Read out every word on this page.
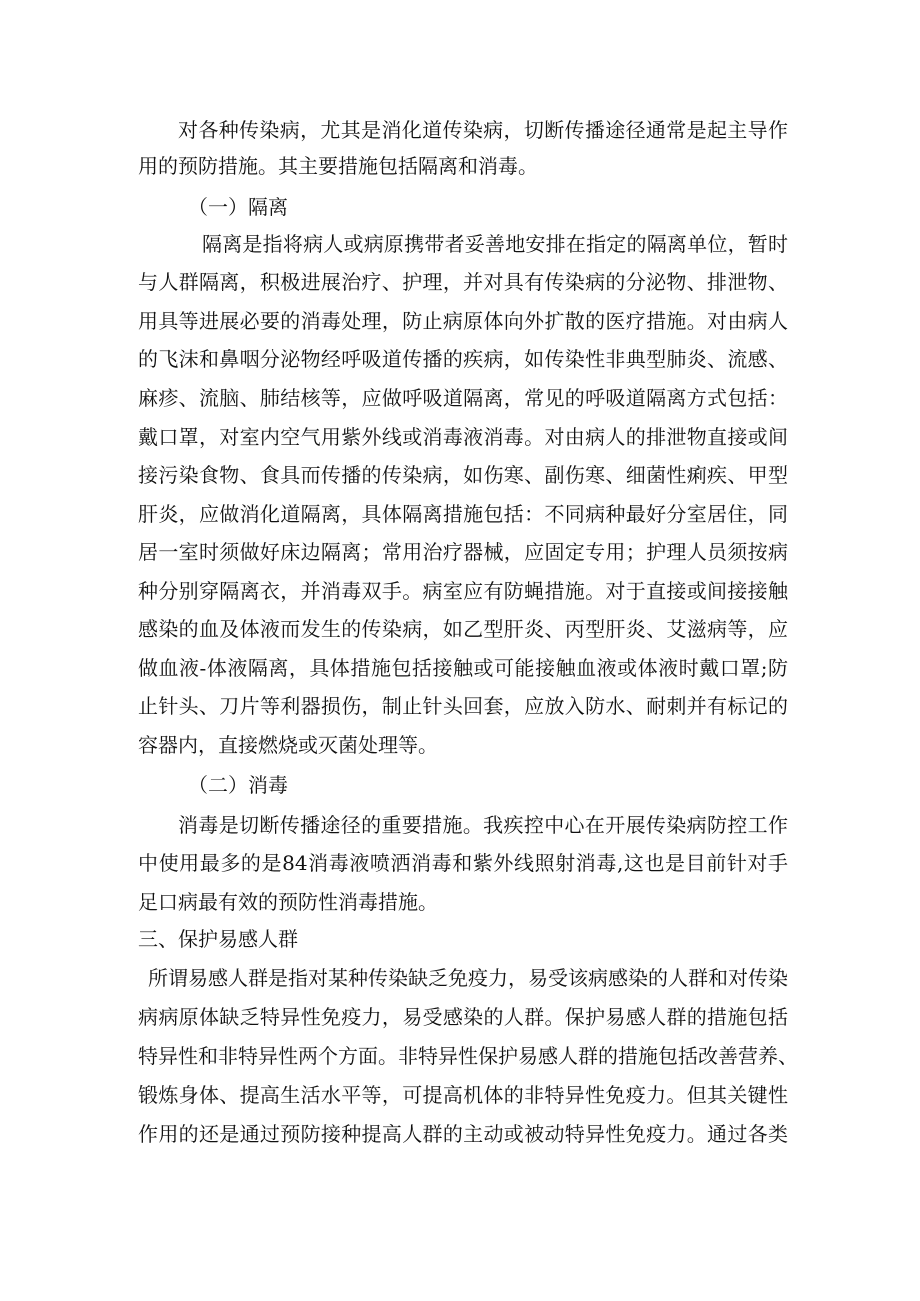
对各种传染病，尤其是消化道传染病，切断传播途径通常是起主导作
用的预防措施。其主要措施包括隔离和消毒。
（一）隔离
隔离是指将病人或病原携带者妥善地安排在指定的隔离单位，暂时
与人群隔离，积极进展治疗、护理，并对具有传染病的分泌物、排泄物、
用具等进展必要的消毒处理，防止病原体向外扩散的医疗措施。对由病人
的飞沫和鼻咽分泌物经呼吸道传播的疾病，如传染性非典型肺炎、流感、
麻疹、流脑、肺结核等，应做呼吸道隔离，常见的呼吸道隔离方式包括：
戴口罩，对室内空气用紫外线或消毒液消毒。对由病人的排泄物直接或间
接污染食物、食具而传播的传染病，如伤寒、副伤寒、细菌性痢疾、甲型
肝炎，应做消化道隔离，具体隔离措施包括：不同病种最好分室居住，同
居一室时须做好床边隔离；常用治疗器械，应固定专用；护理人员须按病
种分别穿隔离衣，并消毒双手。病室应有防蝇措施。对于直接或间接接触
感染的血及体液而发生的传染病，如乙型肝炎、丙型肝炎、艾滋病等，应
做血液-体液隔离，具体措施包括接触或可能接触血液或体液时戴口罩;防
止针头、刀片等利器损伤，制止针头回套，应放入防水、耐刺并有标记的
容器内，直接燃烧或灭菌处理等。
（二）消毒
消毒是切断传播途径的重要措施。我疾控中心在开展传染病防控工作
中使用最多的是84消毒液喷洒消毒和紫外线照射消毒,这也是目前针对手
足口病最有效的预防性消毒措施。
三、保护易感人群
所谓易感人群是指对某种传染缺乏免疫力，易受该病感染的人群和对传染
病病原体缺乏特异性免疫力，易受感染的人群。保护易感人群的措施包括
特异性和非特异性两个方面。非特异性保护易感人群的措施包括改善营养、
锻炼身体、提高生活水平等，可提高机体的非特异性免疫力。但其关键性
作用的还是通过预防接种提高人群的主动或被动特异性免疫力。通过各类
